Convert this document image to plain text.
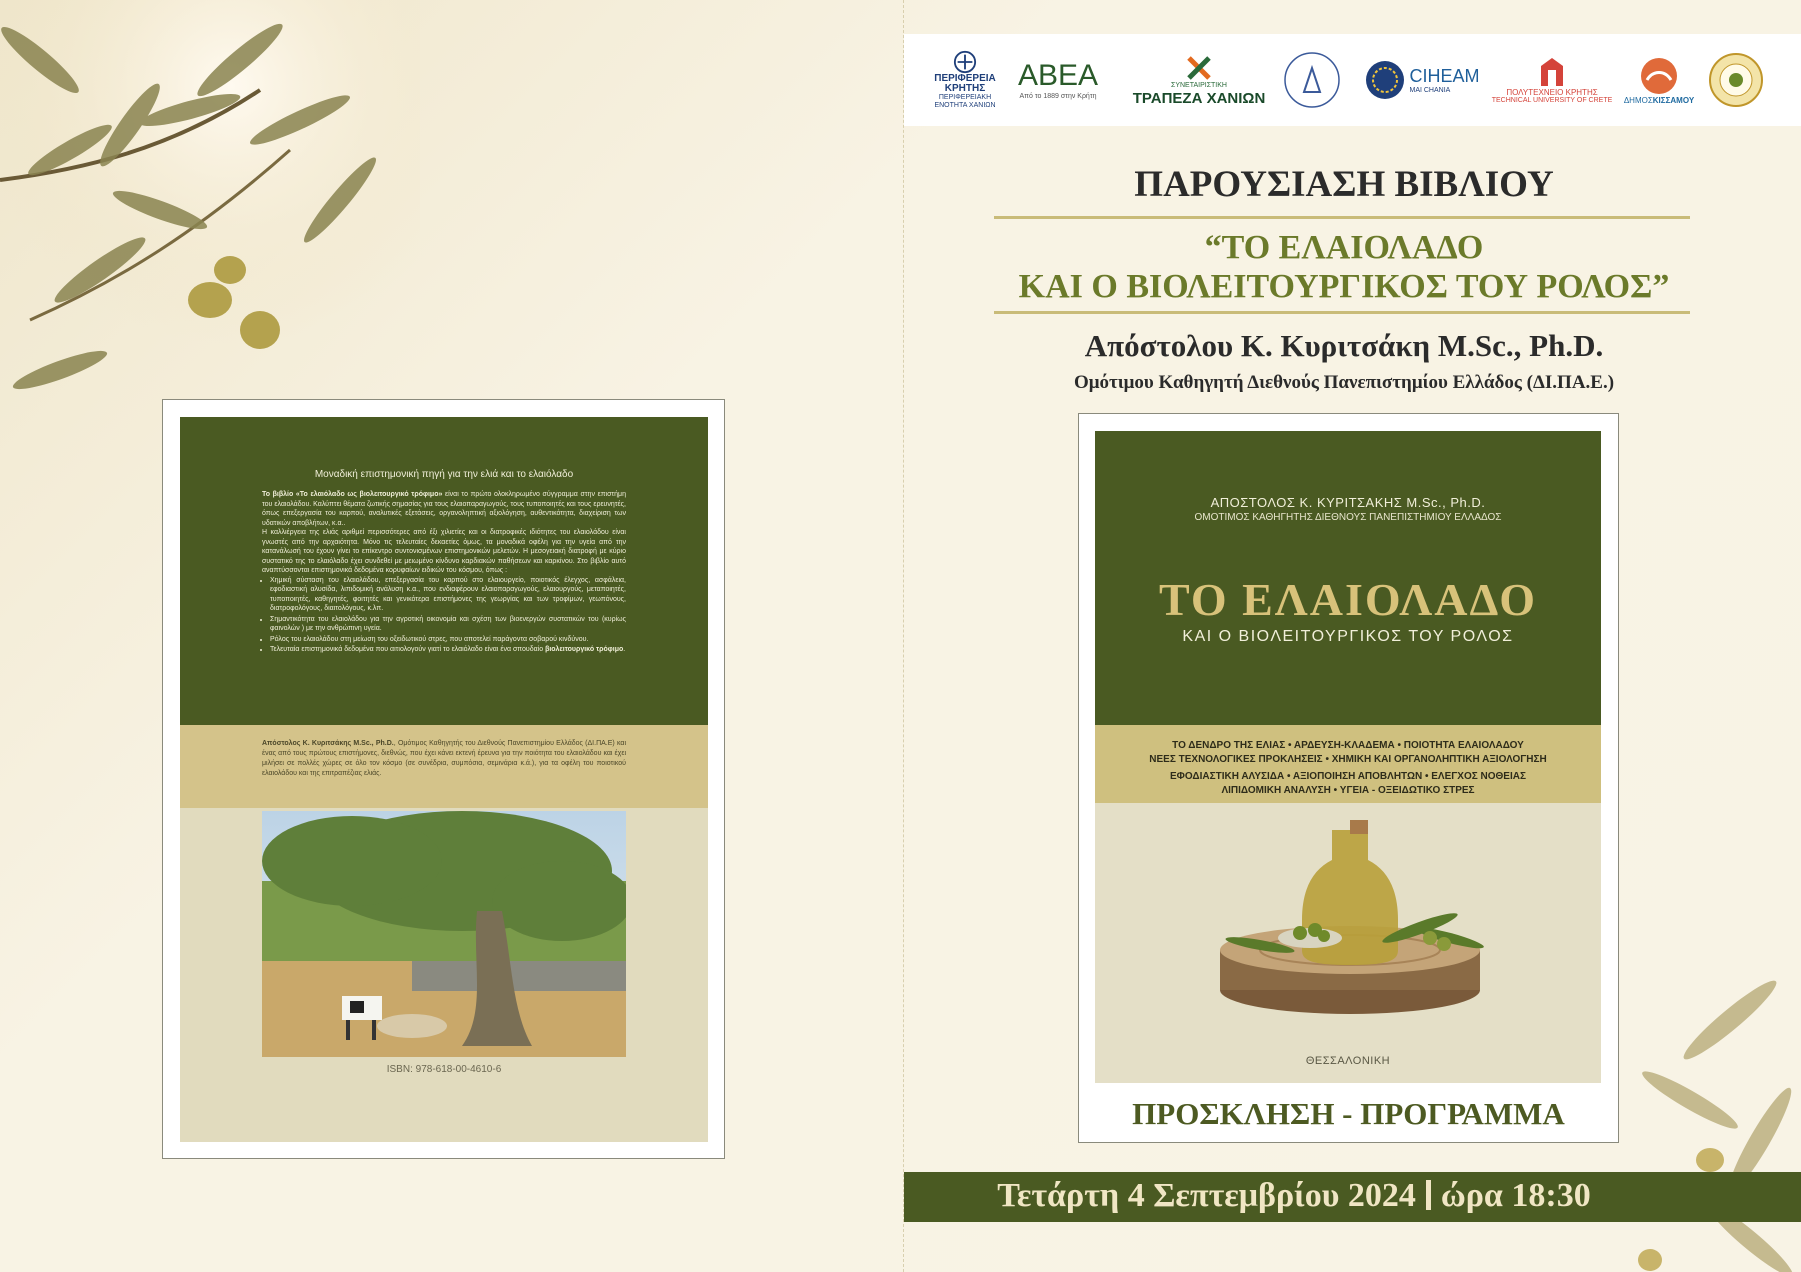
Μοναδική επιστημονική πηγή για την ελιά και το ελαιόλαδο

Το βιβλίο «Το ελαιόλαδο ως βιολειτουργικό τρόφιμο» είναι το πρώτο ολοκληρωμένο σύγγραμμα στην επιστήμη του ελαιολάδου. Καλύπτει θέματα ζωτικής σημασίας για τους ελαιοπαραγωγούς, τους τυποποιητές και τους ερευνητές, όπως επεξεργασία του καρπού, αναλυτικές εξετάσεις, οργανοληπτική αξιολόγηση, αυθεντικότητα, διαχείριση των υδατικών αποβλήτων, κ.α..

Η καλλιέργεια της ελιάς αριθμεί περισσότερες από έξι χιλιετίες και οι διατροφικές ιδιότητες του ελαιολάδου είναι γνωστές από την αρχαιότητα. Μόνο τις τελευταίες δεκαετίες όμως, τα μοναδικά οφέλη για την υγεία από την κατανάλωσή του έχουν γίνει το επίκεντρο συντονισμένων επιστημονικών μελετών. Η μεσογειακή διατροφή με κύριο συστατικό της το ελαιόλαδο έχει συνδεθεί με μειωμένο κίνδυνο καρδιακών παθήσεων και καρκίνου. Στο βιβλίο αυτό αναπτύσσονται επιστημονικά δεδομένα κορυφαίων ειδικών του κόσμου, όπως :

• Χημική σύσταση του ελαιολάδου, επεξεργασία του καρπού στο ελαιουργείο, ποιοτικός έλεγχος, ασφάλεια, εφοδιαστική αλυσίδα, λιπιδομική ανάλυση κ.α., που ενδιαφέρουν ελαιοπαραγωγούς, ελαιουργούς, μεταποιητές, τυποποιητές, καθηγητές, φοιτητές και γενικότερα επιστήμονες της γεωργίας και των τροφίμων, γεωπόνους, διατροφολόγους, διαιτολόγους, κ.λπ.
• Σημαντικότητα του ελαιολάδου για την αγροτική οικονομία και σχέση των βιοενεργών συστατικών του (κυρίως φαινολών ) με την ανθρώπινη υγεία.
• Ρόλος του ελαιολάδου στη μείωση του οξειδωτικού στρες, που αποτελεί παράγοντα σοβαρού κινδύνου.
• Τελευταία επιστημονικά δεδομένα που αιτιολογούν γιατί το ελαιόλαδο είναι ένα σπουδαίο βιολειτουργικό τρόφιμο.
Απόστολος Κ. Κυριτσάκης M.Sc., Ph.D., Ομότιμος Καθηγητής του Διεθνούς Πανεπιστημίου Ελλάδος (ΔΙ.ΠΑ.Ε) και ένας από τους πρώτους επιστήμονες, διεθνώς, που έχει κάνει εκτενή έρευνα για την ποιότητα του ελαιολάδου και έχει μιλήσει σε πολλές χώρες σε όλο τον κόσμο (σε συνέδρια, συμπόσια, σεμινάρια κ.ά.), για τα οφέλη του ποιοτικού ελαιολάδου και της επιτραπέζιας ελιάς.
ISBN: 978-618-00-4610-6
ΠΕΡΙΦΕΡΕΙΑ
ΚΡΗΤΗΣ
ΠΕΡΙΦΕΡΕΙΑΚΗ
ΕΝΟΤΗΤΑ ΧΑΝΙΩΝ
ΑΒΕΑ
Από το 1889 στην Κρήτη
ΣΥΝΕΤΑΙΡΙΣΤΙΚΗ
ΤΡΑΠΕΖΑ ΧΑΝΙΩΝ
CIHEAM
MAI CHANIA	ΠΟΛΥΤΕΧΝΕΙΟ ΚΡΗΤΗΣ
TECHNICAL UNIVERSITY OF CRETE ΔΗΜΟΣΚΙΣΣΑΜΟΥ
ΠΑΡΟΥΣΙΑΣΗ ΒΙΒΛΙΟΥ
“ΤΟ ΕΛΑΙΟΛΑΔΟ
ΚΑΙ Ο ΒΙΟΛΕΙΤΟΥΡΓΙΚΟΣ ΤΟΥ ΡΟΛΟΣ”
Απόστολου Κ. Κυριτσάκη M.Sc., Ph.D.
Ομότιμου Καθηγητή Διεθνούς Πανεπιστημίου Ελλάδος (ΔΙ.ΠΑ.Ε.)
ΑΠΟΣΤΟΛΟΣ Κ. ΚΥΡΙΤΣΑΚΗΣ M.Sc., Ph.D.
ΟΜΟΤΙΜΟΣ ΚΑΘΗΓΗΤΗΣ ΔΙΕΘΝΟΥΣ ΠΑΝΕΠΙΣΤΗΜΙΟΥ ΕΛΛΑΔΟΣ
ΤΟ ΕΛΑΙΟΛΑΔΟ
ΚΑΙ Ο ΒΙΟΛΕΙΤΟΥΡΓΙΚΟΣ ΤΟΥ ΡΟΛΟΣ
ΤΟ ΔΕΝΔΡΟ ΤΗΣ ΕΛΙΑΣ • ΑΡΔΕΥΣΗ-ΚΛΑΔΕΜΑ • ΠΟΙΟΤΗΤΑ ΕΛΑΙΟΛΑΔΟΥ
ΝΕΕΣ ΤΕΧΝΟΛΟΓΙΚΕΣ ΠΡΟΚΛΗΣΕΙΣ • ΧΗΜΙΚΗ ΚΑΙ ΟΡΓΑΝΟΛΗΠΤΙΚΗ ΑΞΙΟΛΟΓΗΣΗ
ΕΦΟΔΙΑΣΤΙΚΗ ΑΛΥΣΙΔΑ • ΑΞΙΟΠΟΙΗΣΗ ΑΠΟΒΛΗΤΩΝ • ΕΛΕΓΧΟΣ ΝΟΘΕΙΑΣ
ΛΙΠΙΔΟΜΙΚΗ ΑΝΑΛΥΣΗ • ΥΓΕΙΑ - ΟΞΕΙΔΩΤΙΚΟ ΣΤΡΕΣ
ΘΕΣΣΑΛΟΝΙΚΗ
ΠΡΟΣΚΛΗΣΗ - ΠΡΟΓΡΑΜΜΑ
Τετάρτη 4 Σεπτεμβρίου 2024 ώρα 18:30
